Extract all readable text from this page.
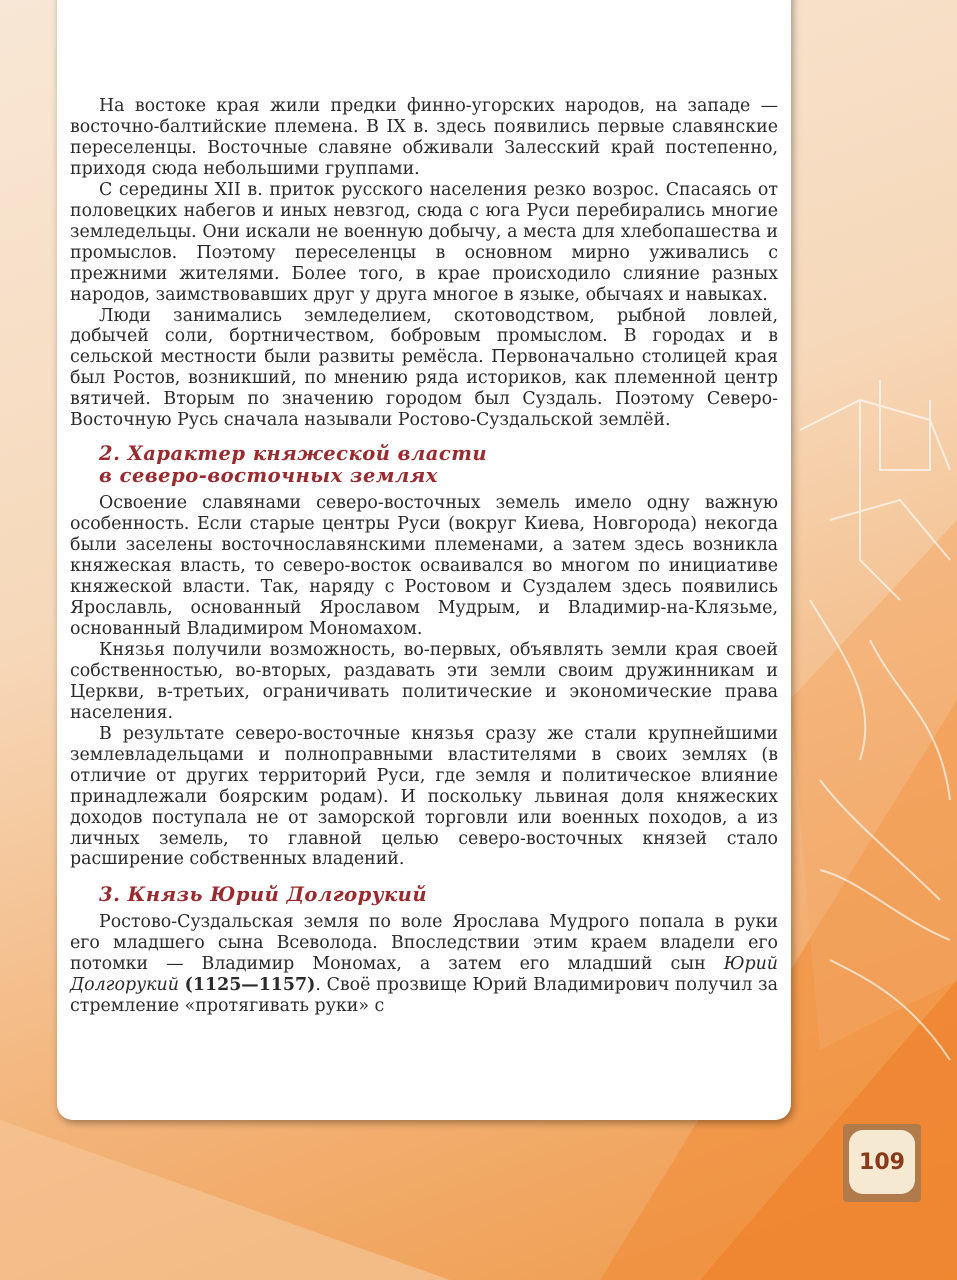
На востоке края жили предки финно-угорских народов, на западе — восточно-балтийские племена. В IX в. здесь появились первые славянские переселенцы. Восточные славяне обживали Залесский край постепенно, приходя сюда небольшими группами.

С середины XII в. приток русского населения резко возрос. Спасаясь от половецких набегов и иных невзгод, сюда с юга Руси перебирались многие земледельцы. Они искали не военную добычу, а места для хлебопашества и промыслов. Поэтому переселенцы в основном мирно уживались с прежними жителями. Более того, в крае происходило слияние разных народов, заимствовавших друг у друга многое в языке, обычаях и навыках.

Люди занимались земледелием, скотоводством, рыбной ловлей, добычей соли, бортничеством, бобровым промыслом. В городах и в сельской местности были развиты ремёсла. Первоначально столицей края был Ростов, возникший, по мнению ряда историков, как племенной центр вятичей. Вторым по значению городом был Суздаль. Поэтому Северо-Восточную Русь сначала называли Ростово-Суздальской землёй.

2. Характер княжеской власти
в северо-восточных землях

Освоение славянами северо-восточных земель имело одну важную особенность. Если старые центры Руси (вокруг Киева, Новгорода) некогда были заселены восточнославянскими племенами, а затем здесь возникла княжеская власть, то северо-восток осваивался во многом по инициативе княжеской власти. Так, наряду с Ростовом и Суздалем здесь появились Ярославль, основанный Ярославом Мудрым, и Владимир-на-Клязьме, основанный Владимиром Мономахом.

Князья получили возможность, во-первых, объявлять земли края своей собственностью, во-вторых, раздавать эти земли своим дружинникам и Церкви, в-третьих, ограничивать политические и экономические права населения.

В результате северо-восточные князья сразу же стали крупнейшими землевладельцами и полноправными властителями в своих землях (в отличие от других территорий Руси, где земля и политическое влияние принадлежали боярским родам). И поскольку львиная доля княжеских доходов поступала не от заморской торговли или военных походов, а из личных земель, то главной целью северо-восточных князей стало расширение собственных владений.

3. Князь Юрий Долгорукий

Ростово-Суздальская земля по воле Ярослава Мудрого попала в руки его младшего сына Всеволода. Впоследствии этим краем владели его потомки — Владимир Мономах, а затем его младший сын Юрий Долгорукий (1125—1157). Своё прозвище Юрий Владимирович получил за стремление «протягивать руки» с

109
